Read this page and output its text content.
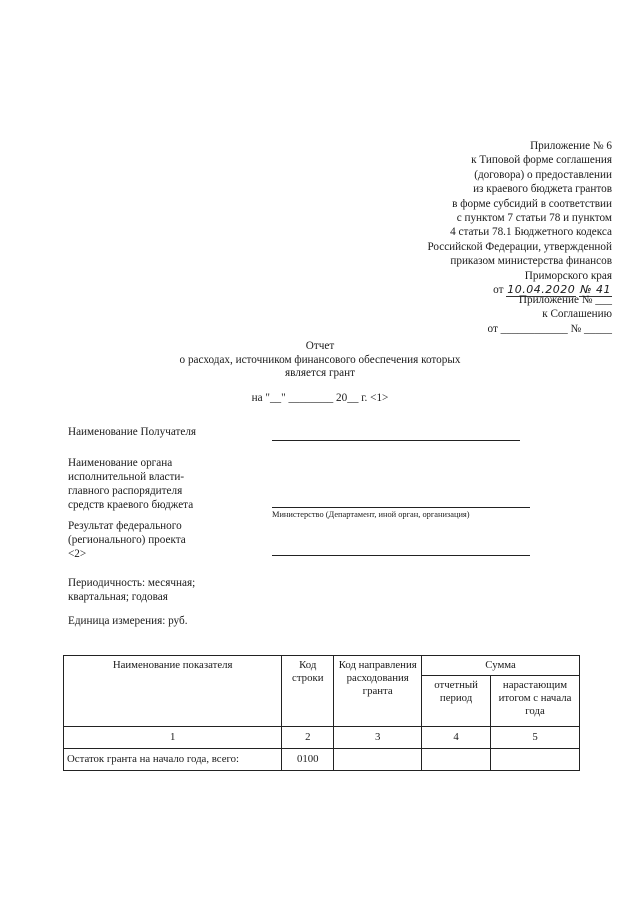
Приложение № 6
к Типовой форме соглашения
(договора) о предоставлении
из краевого бюджета грантов
в форме субсидий в соответствии
с пунктом 7 статьи 78 и пунктом
4 статьи 78.1 Бюджетного кодекса
Российской Федерации, утвержденной
приказом министерства финансов
Приморского края
от 10.04.2020 № 41
Приложение № ___
к Соглашению
от ____________ № _____
Отчет
о расходах, источником финансового обеспечения которых
является грант
на "__" ________ 20__ г. <1>
Наименование Получателя
Наименование органа
исполнительной власти-
главного распорядителя
средств краевого бюджета
Министерство (Департамент, иной орган, организация)
Результат федерального
(регионального) проекта
<2>
Периодичность: месячная;
квартальная; годовая
Единица измерения: руб.
Наименование показателя	Код строки	Код направления расходования гранта	Сумма	
			отчетный период	нарастающим итогом с начала года
1	2	3	4	5
Остаток гранта на начало года, всего:	0100			
